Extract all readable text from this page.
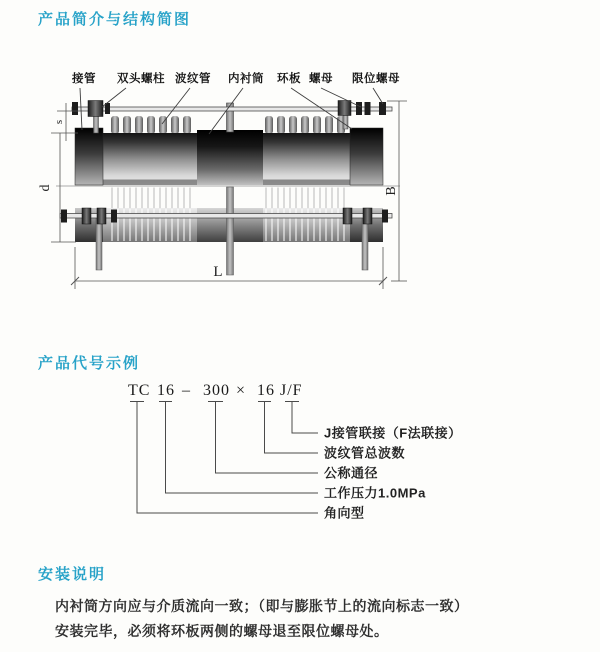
产品简介与结构简图
s
d	B
L
接管 双头螺柱 波纹管 内衬筒 环板 螺母 限位螺母
产品代号示例
TC 16 – 300 × 16 J/F
J接管联接（F法联接）
波纹管总波数
公称通径
工作压力1.0MPa
角向型
安装说明
内衬筒方向应与介质流向一致；（即与膨胀节上的流向标志一致）
安装完毕，必须将环板两侧的螺母退至限位螺母处。
